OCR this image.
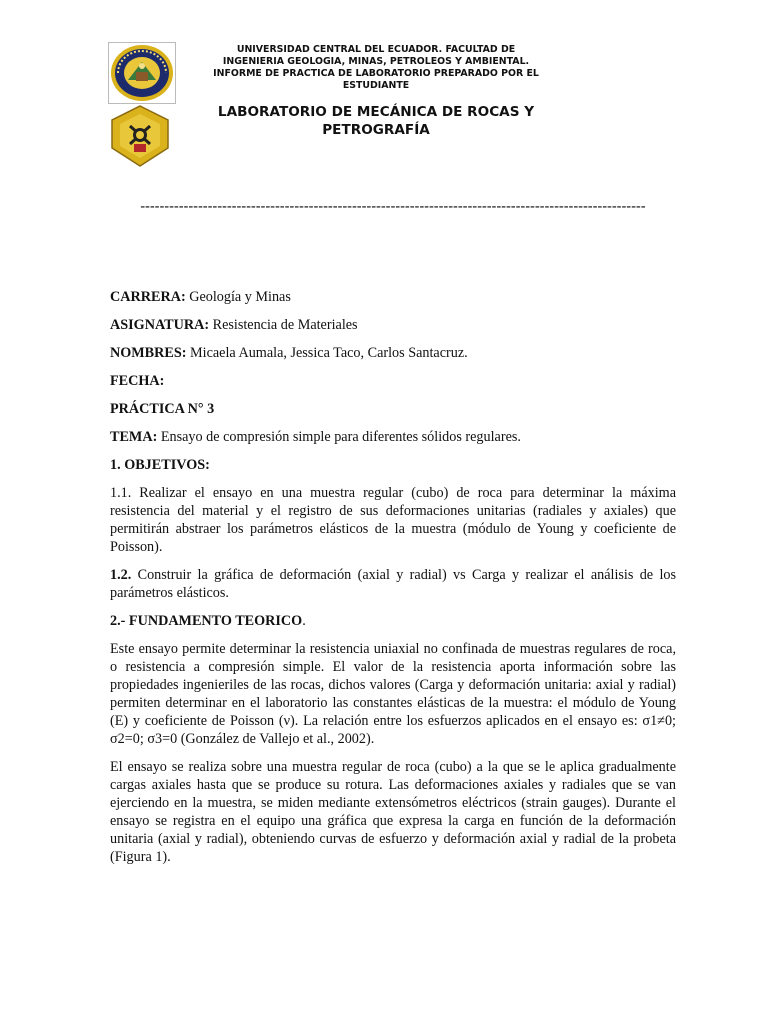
UNIVERSIDAD CENTRAL DEL ECUADOR. FACULTAD DE INGENIERIA GEOLOGIA, MINAS, PETROLEOS Y AMBIENTAL. INFORME DE PRACTICA DE LABORATORIO PREPARADO POR EL ESTUDIANTE
LABORATORIO DE MECÁNICA DE ROCAS Y PETROGRAFÍA
---------------------------------------------------------------------------------------------------------

CARRERA: Geología y Minas

ASIGNATURA: Resistencia de Materiales

NOMBRES: Micaela Aumala, Jessica Taco, Carlos Santacruz.

FECHA:

PRÁCTICA N° 3

TEMA: Ensayo de compresión simple para diferentes sólidos regulares.

1. OBJETIVOS:

1.1. Realizar el ensayo en una muestra regular (cubo) de roca para determinar la máxima resistencia del material y el registro de sus deformaciones unitarias (radiales y axiales) que permitirán abstraer los parámetros elásticos de la muestra (módulo de Young y coeficiente de Poisson).

1.2. Construir la gráfica de deformación (axial y radial) vs Carga y realizar el análisis de los parámetros elásticos.

2.- FUNDAMENTO TEORICO.

Este ensayo permite determinar la resistencia uniaxial no confinada de muestras regulares de roca, o resistencia a compresión simple. El valor de la resistencia aporta información sobre las propiedades ingenieriles de las rocas, dichos valores (Carga y deformación unitaria: axial y radial) permiten determinar en el laboratorio las constantes elásticas de la muestra: el módulo de Young (E) y coeficiente de Poisson (ν). La relación entre los esfuerzos aplicados en el ensayo es: σ1≠0; σ2=0; σ3=0 (González de Vallejo et al., 2002).

El ensayo se realiza sobre una muestra regular de roca (cubo) a la que se le aplica gradualmente cargas axiales hasta que se produce su rotura. Las deformaciones axiales y radiales que se van ejerciendo en la muestra, se miden mediante extensómetros eléctricos (strain gauges). Durante el ensayo se registra en el equipo una gráfica que expresa la carga en función de la deformación unitaria (axial y radial), obteniendo curvas de esfuerzo y deformación axial y radial de la probeta (Figura 1).
